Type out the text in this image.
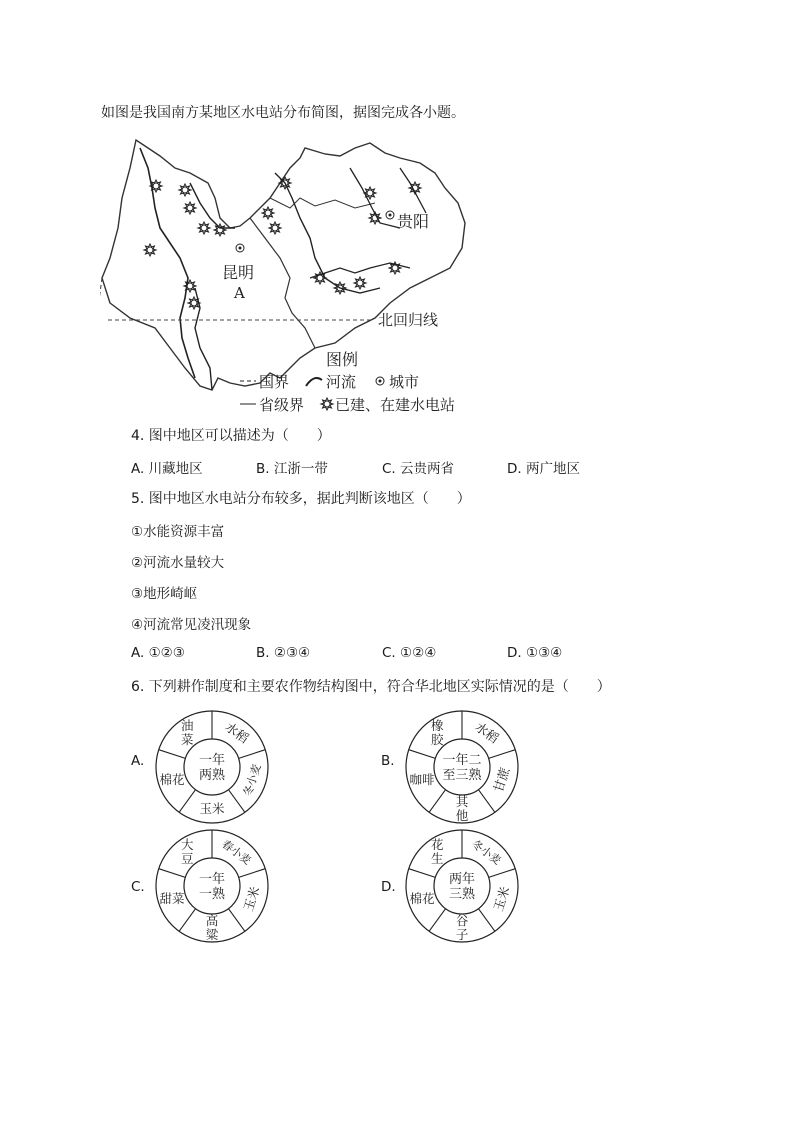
如图是我国南方某地区水电站分布简图，据图完成各小题。
北回归线
昆明
A
贵阳
图例
国界 河流 城市
省级界 已建、在建水电站
4. 图中地区可以描述为（　　）
A. 川藏地区	B. 江浙一带	C. 云贵两省	D. 两广地区
5. 图中地区水电站分布较多，据此判断该地区（　　）
①水能资源丰富
②河流水量较大
③地形崎岖
④河流常见凌汛现象
A. ①②③	B. ②③④	C. ①②④	D. ①③④
6. 下列耕作制度和主要农作物结构图中，符合华北地区实际情况的是（　　）
A.	B.
C.	D.
一年
两熟
水稻
冬小麦
玉米
棉花
油菜
一年二
至三熟
水稻
甘蔗
其他
咖啡
橡胶
一年
一熟
春小麦
玉米
高粱
甜菜
大豆
两年
三熟
冬小麦
玉米
谷子
棉花
花生
